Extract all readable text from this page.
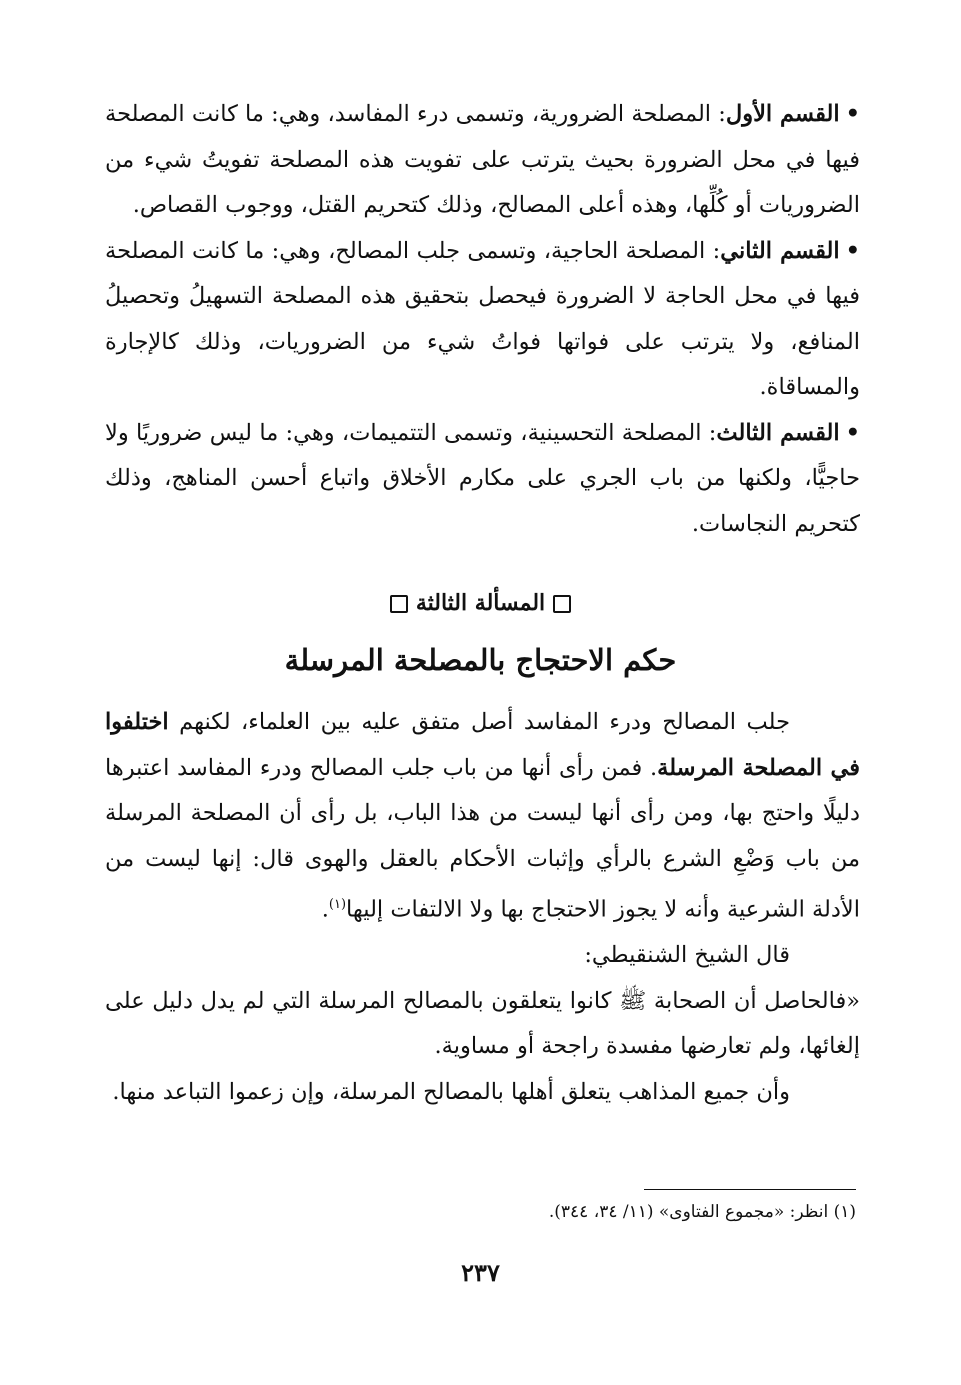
•القسم الأول: المصلحة الضرورية، وتسمى درء المفاسد، وهي: ما كانت المصلحة فيها في محل الضرورة بحيث يترتب على تفويت هذه المصلحة تفويتُ شيء من الضروريات أو كُلِّها، وهذه أعلى المصالح، وذلك كتحريم القتل، ووجوب القصاص.

•القسم الثاني: المصلحة الحاجية، وتسمى جلب المصالح، وهي: ما كانت المصلحة فيها في محل الحاجة لا الضرورة فيحصل بتحقيق هذه المصلحة التسهيلُ وتحصيلُ المنافع، ولا يترتب على فواتها فواتُ شيء من الضروريات، وذلك كالإجارة والمساقاة.

•القسم الثالث: المصلحة التحسينية، وتسمى التتميمات، وهي: ما ليس ضروريًا ولا حاجيًّا، ولكنها من باب الجري على مكارم الأخلاق واتباع أحسن المناهج، وذلك كتحريم النجاسات.

المسألة الثالثة
حكم الاحتجاج بالمصلحة المرسلة

جلب المصالح ودرء المفاسد أصل متفق عليه بين العلماء، لكنهم اختلفوا في المصلحة المرسلة. فمن رأى أنها من باب جلب المصالح ودرء المفاسد اعتبرها دليلًا واحتج بها، ومن رأى أنها ليست من هذا الباب، بل رأى أن المصلحة المرسلة من باب وَضْعِ الشرع بالرأي وإثبات الأحكام بالعقل والهوى قال: إنها ليست من الأدلة الشرعية وأنه لا يجوز الاحتجاج بها ولا الالتفات إليها$^{(١)}$.

قال الشيخ الشنقيطي:

«فالحاصل أن الصحابة ﷺ كانوا يتعلقون بالمصالح المرسلة التي لم يدل دليل على إلغائها، ولم تعارضها مفسدة راجحة أو مساوية.

وأن جميع المذاهب يتعلق أهلها بالمصالح المرسلة، وإن زعموا التباعد منها.

(١) انظر: «مجموع الفتاوى» (١١/ ٣٤، ٣٤٤).
٢٣٧
